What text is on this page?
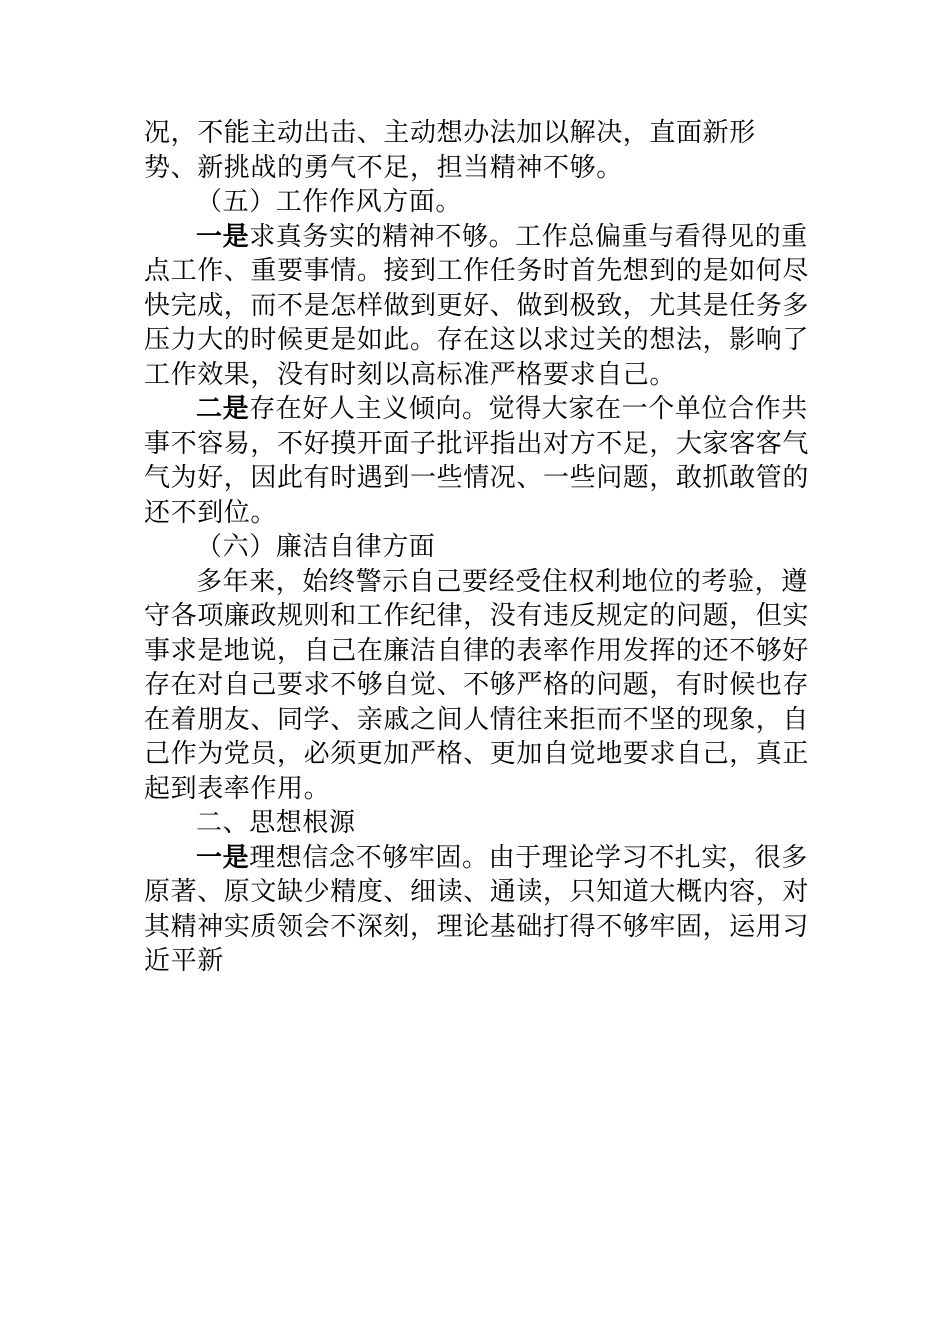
况，不能主动出击、主动想办法加以解决，直面新形
势、新挑战的勇气不足，担当精神不够。
（五）工作作风方面。
一是求真务实的精神不够。工作总偏重与看得见的重
点工作、重要事情。接到工作任务时首先想到的是如何尽
快完成，而不是怎样做到更好、做到极致，尤其是任务多
压力大的时候更是如此。存在这以求过关的想法，影响了
工作效果，没有时刻以高标准严格要求自己。
二是存在好人主义倾向。觉得大家在一个单位合作共
事不容易，不好摸开面子批评指出对方不足，大家客客气
气为好，因此有时遇到一些情况、一些问题，敢抓敢管的
还不到位。
（六）廉洁自律方面
多年来，始终警示自己要经受住权利地位的考验，遵
守各项廉政规则和工作纪律，没有违反规定的问题，但实
事求是地说，自己在廉洁自律的表率作用发挥的还不够好
存在对自己要求不够自觉、不够严格的问题，有时候也存
在着朋友、同学、亲戚之间人情往来拒而不坚的现象，自
己作为党员，必须更加严格、更加自觉地要求自己，真正
起到表率作用。
二、思想根源
一是理想信念不够牢固。由于理论学习不扎实，很多
原著、原文缺少精度、细读、通读，只知道大概内容，对
其精神实质领会不深刻，理论基础打得不够牢固，运用习
近平新
